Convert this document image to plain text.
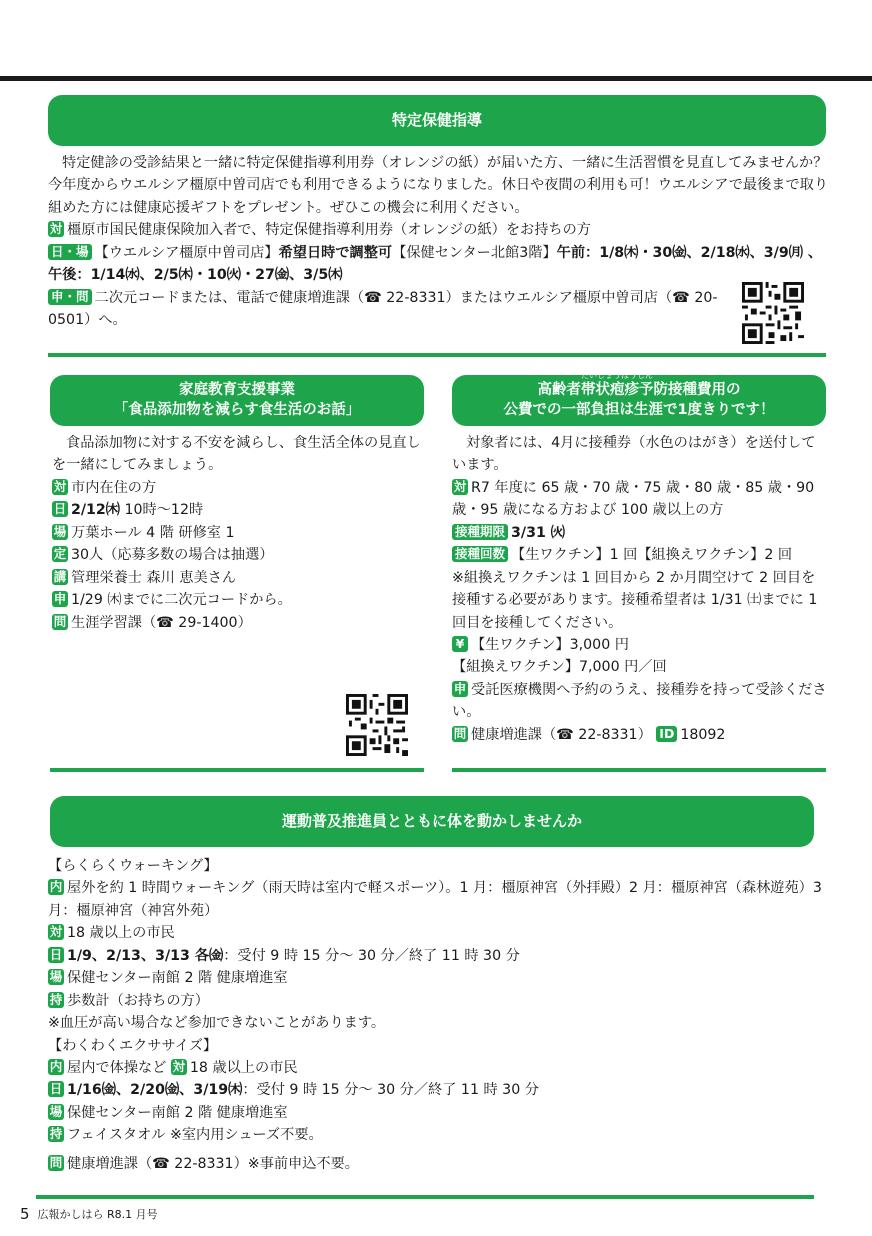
特定保健指導

特定健診の受診結果と一緒に特定保健指導利用券（オレンジの紙）が届いた方、一緒に生活習慣を見直してみませんか？今年度からウエルシア橿原中曽司店でも利用できるようになりました。休日や夜間の利用も可！ウエルシアで最後まで取り組めた方には健康応援ギフトをプレゼント。ぜひこの機会に利用ください。

対 橿原市国民健康保険加入者で、特定保健指導利用券（オレンジの紙）をお持ちの方

日・場 【ウエルシア橿原中曽司店】希望日時で調整可【保健センター北館3階】午前：1/8㈭・30㈮、2/18㈬、3/9㈪ 、午後：1/14㈬、2/5㈭・10㈫・27㈮、3/5㈭

申・問 二次元コードまたは、電話で健康増進課（☎ 22-8331）またはウエルシア橿原中曽司店（☎ 20-0501）へ。

家庭教育支援事業
「食品添加物を減らす食生活のお話」

食品添加物に対する不安を減らし、食生活全体の見直しを一緒にしてみましょう。

対 市内在住の方

日 2/12㈭ 10時～12時

場 万葉ホール 4 階 研修室 1

定 30人（応募多数の場合は抽選）

講 管理栄養士 森川 恵美さん

申 1/29 ㈭までに二次元コードから。

問 生涯学習課（☎ 29-1400）

高齢者
たいじょうほうしん
帯状疱疹予防接種費用の
公費での一部負担は生涯で1度きりです！

対象者には、4月に接種券（水色のはがき）を送付しています。

対 R7 年度に 65 歳・70 歳・75 歳・80 歳・85 歳・90 歳・95 歳になる方および 100 歳以上の方

接種期限 3/31 ㈫

接種回数 【生ワクチン】1 回【組換えワクチン】2 回

※組換えワクチンは 1 回目から 2 か月間空けて 2 回目を接種する必要があります。接種希望者は 1/31 ㈯までに 1 回目を接種してください。

¥ 【生ワクチン】3,000 円

【組換えワクチン】7,000 円／回

申 受託医療機関へ予約のうえ、接種券を持って受診ください。

問 健康増進課（☎ 22-8331） ID 18092

運動普及推進員とともに体を動かしませんか

【らくらくウォーキング】

内 屋外を約 1 時間ウォーキング（雨天時は室内で軽スポーツ）。1 月：橿原神宮（外拝殿）2 月：橿原神宮（森林遊苑）3 月：橿原神宮（神宮外苑）

対 18 歳以上の市民

日 1/9、2/13、3/13 各㈮：受付 9 時 15 分～ 30 分／終了 11 時 30 分

場 保健センター南館 2 階 健康増進室

持 歩数計（お持ちの方）

※血圧が高い場合など参加できないことがあります。

【わくわくエクササイズ】

内 屋内で体操など 対 18 歳以上の市民

日 1/16㈮、2/20㈮、3/19㈭：受付 9 時 15 分～ 30 分／終了 11 時 30 分

場 保健センター南館 2 階 健康増進室

持 フェイスタオル ※室内用シューズ不要。

問 健康増進課（☎ 22-8331）※事前申込不要。

5 広報かしはら R8.1 月号
